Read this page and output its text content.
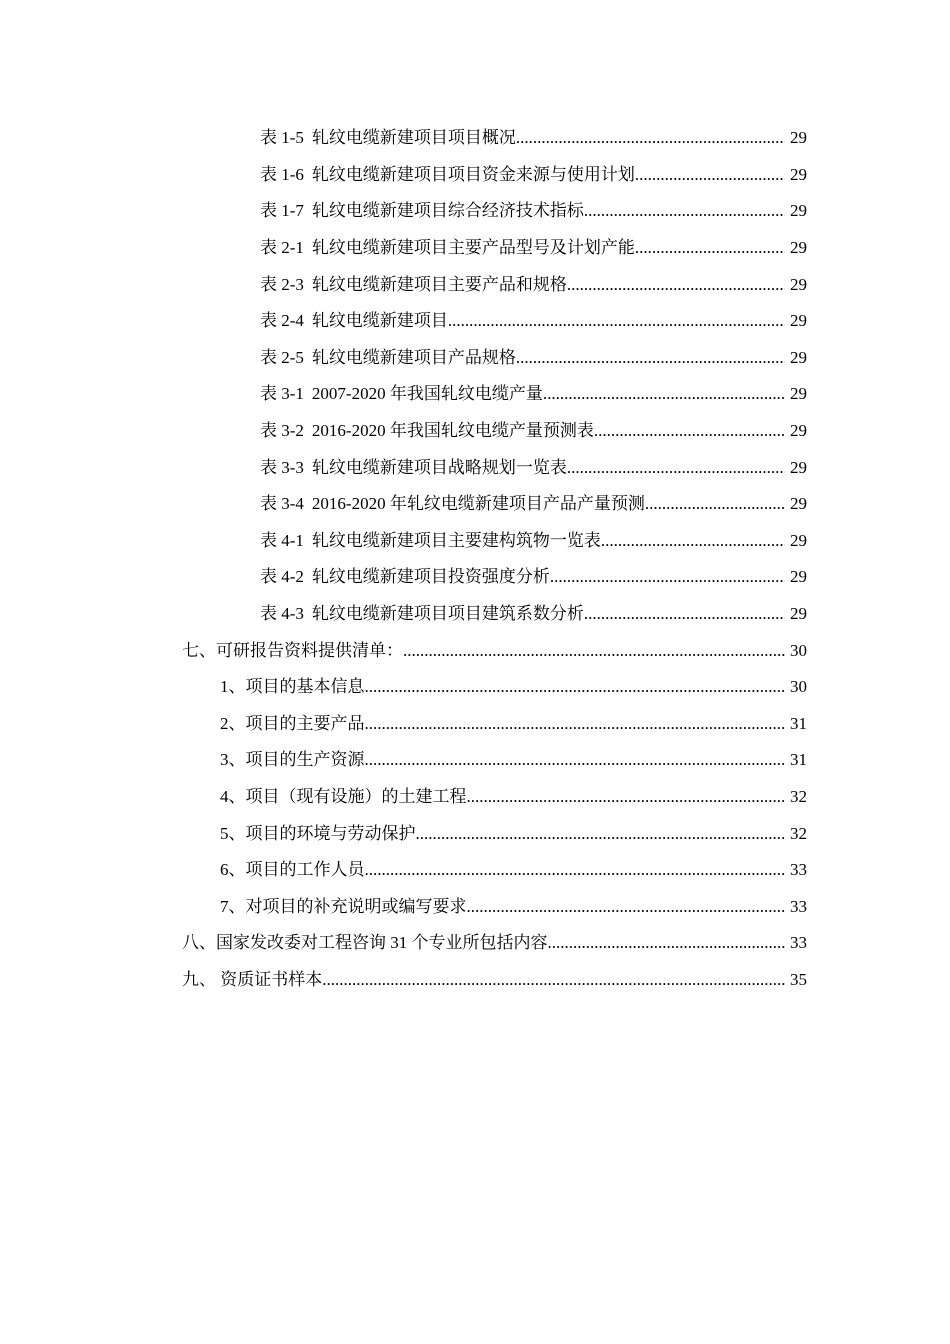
表 1-5 轧纹电缆新建项目项目概况 .....	29
表 1-6 轧纹电缆新建项目项目资金来源与使用计划 .....	29
表 1-7 轧纹电缆新建项目综合经济技术指标 .....	29
表 2-1 轧纹电缆新建项目主要产品型号及计划产能 .....	29
表 2-3 轧纹电缆新建项目主要产品和规格 .....	29
表 2-4 轧纹电缆新建项目 .....	29
表 2-5 轧纹电缆新建项目产品规格 .....	29
表 3-1 2007-2020 年我国轧纹电缆产量 .....	29
表 3-2 2016-2020 年我国轧纹电缆产量预测表 .....	29
表 3-3 轧纹电缆新建项目战略规划一览表 .....	29
表 3-4 2016-2020 年轧纹电缆新建项目产品产量预测 .....	29
表 4-1 轧纹电缆新建项目主要建构筑物一览表 .....	29
表 4-2 轧纹电缆新建项目投资强度分析 .....	29
表 4-3 轧纹电缆新建项目项目建筑系数分析 .....	29
七、可研报告资料提供清单： .....	30
1、项目的基本信息 .....	30
2、项目的主要产品 .....	31
3、项目的生产资源 .....	31
4、项目（现有设施）的土建工程 .....	32
5、项目的环境与劳动保护 .....	32
6、项目的工作人员 .....	33
7、对项目的补充说明或编写要求 .....	33
八、国家发改委对工程咨询 31 个专业所包括内容 .....	33
九、 资质证书样本 .....	35
